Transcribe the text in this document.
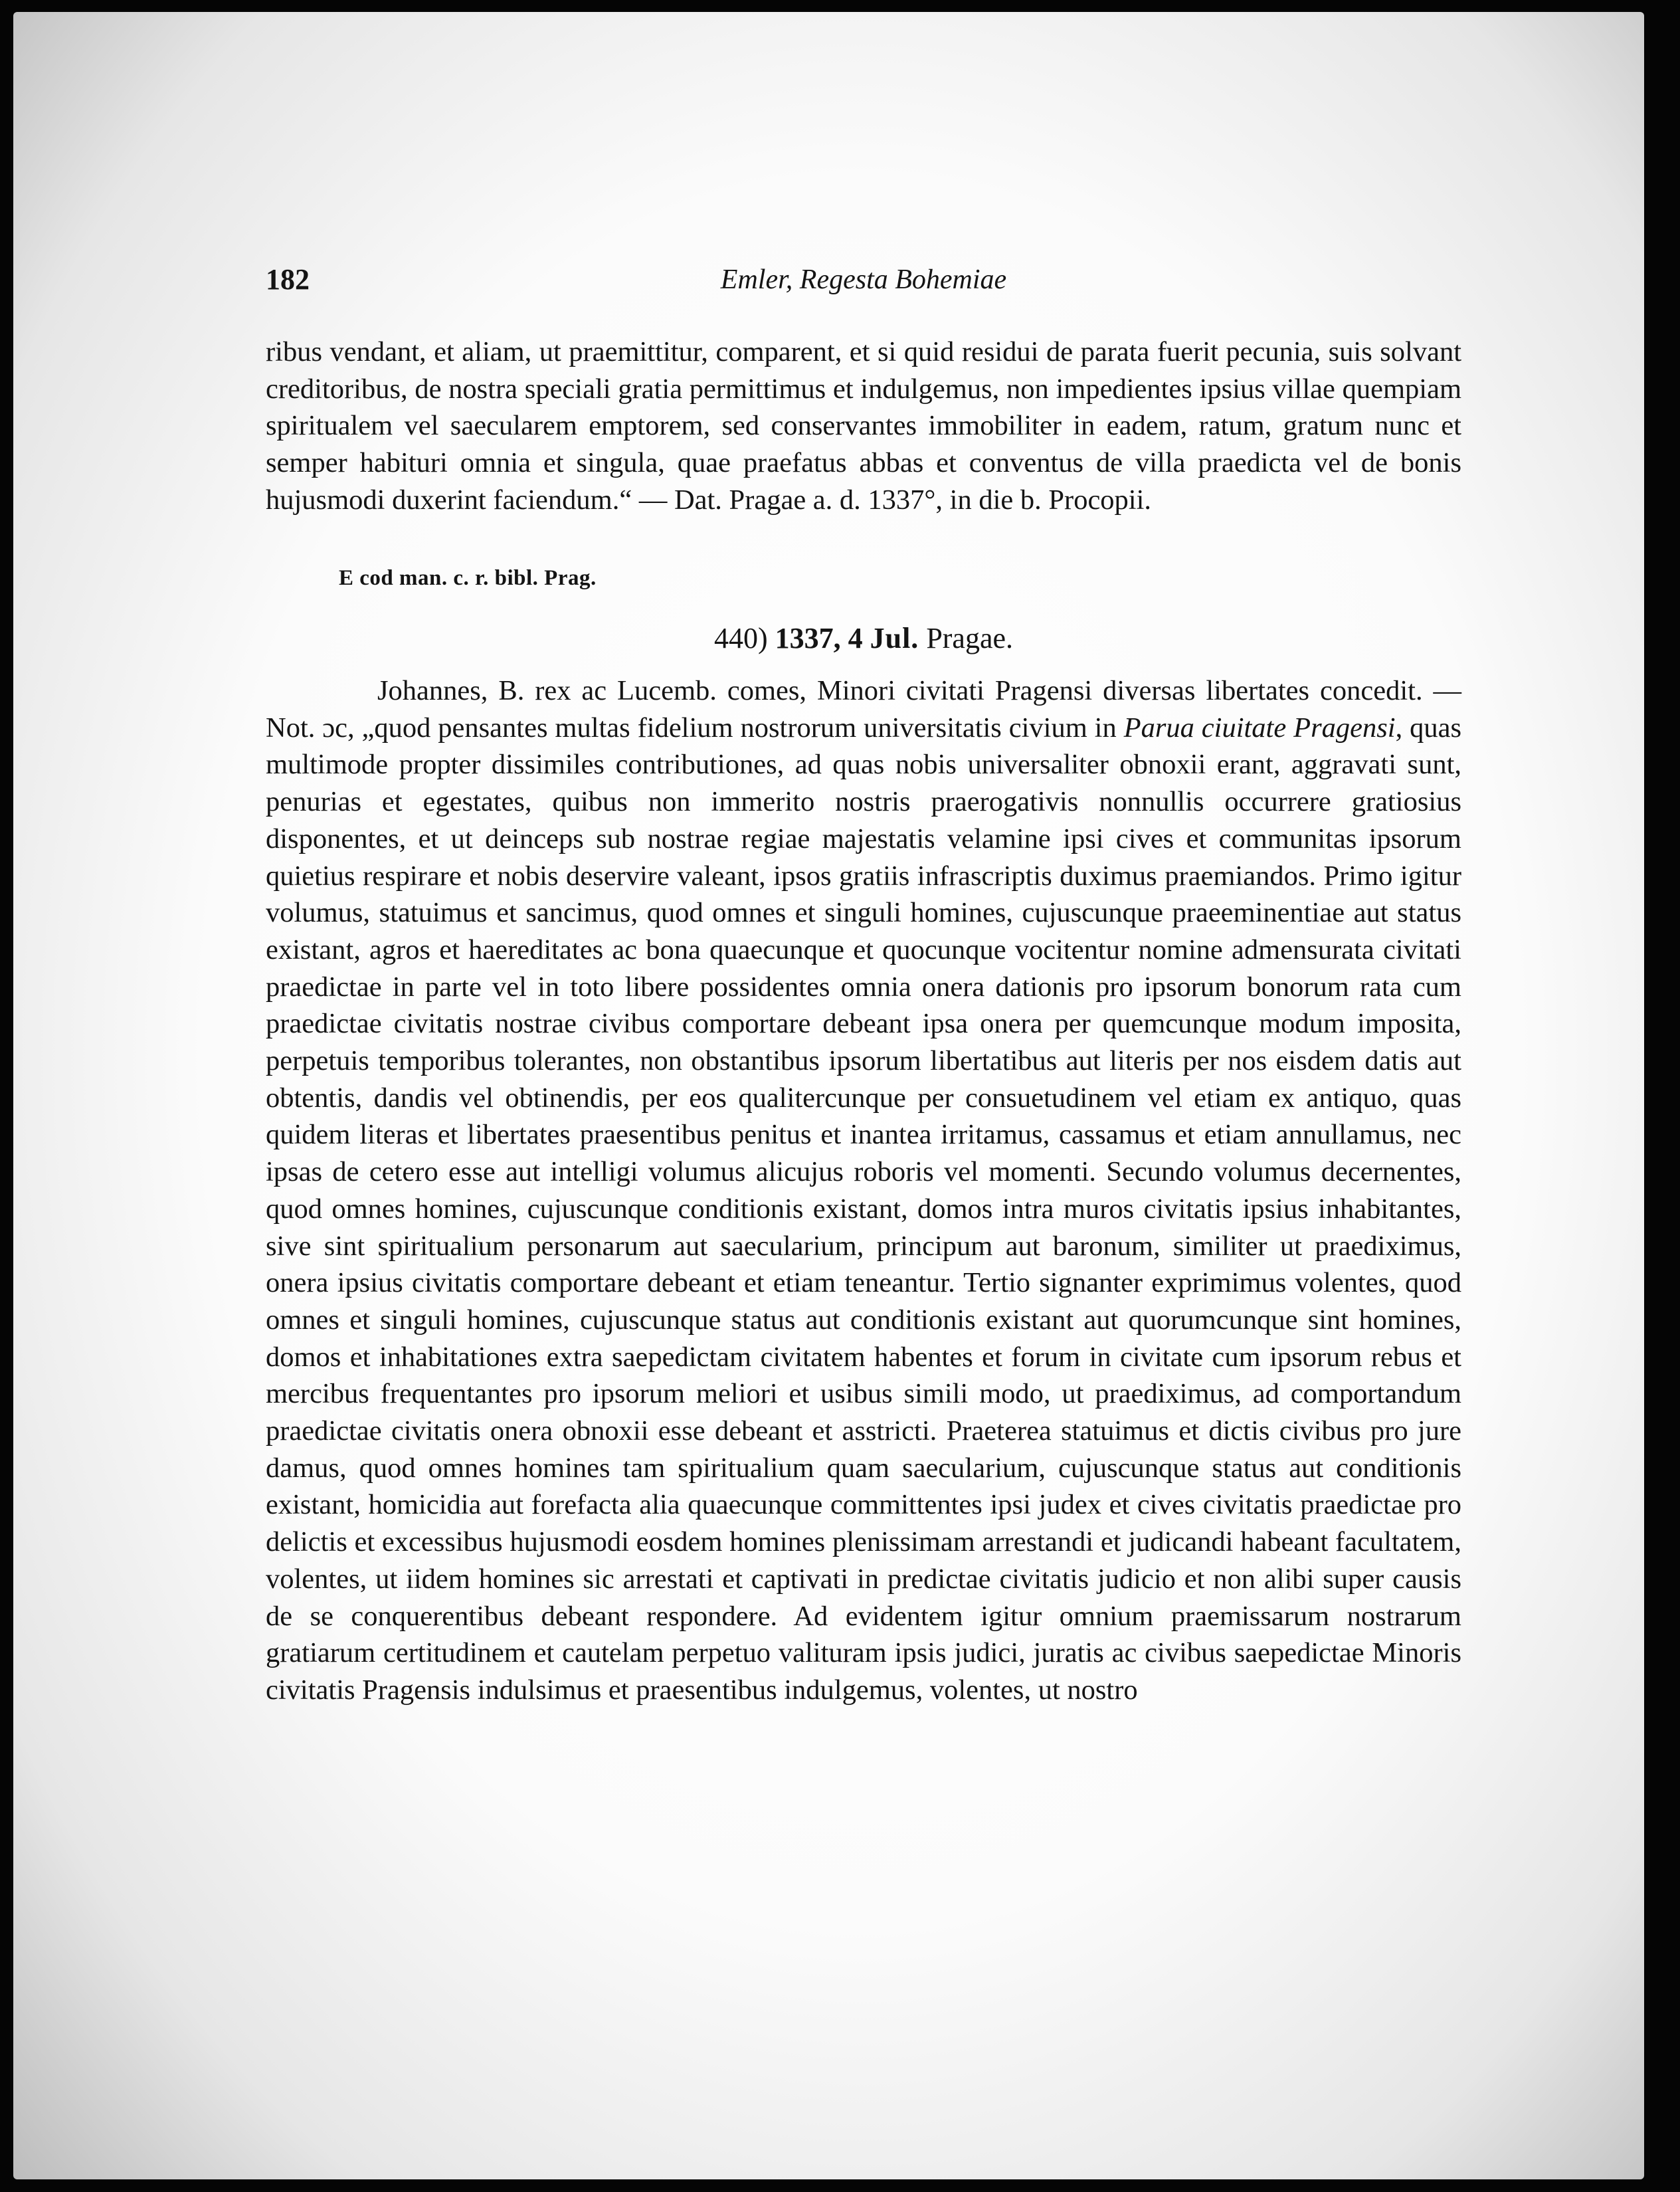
182	Emler, Regesta Bohemiae
ribus vendant, et aliam, ut praemittitur, comparent, et si quid residui de parata fuerit pecunia, suis solvant creditoribus, de nostra speciali gratia permittimus et indulgemus, non impedientes ipsius villae quempiam spiritualem vel saecularem emptorem, sed conservantes immobiliter in eadem, ratum, gratum nunc et semper habituri omnia et singula, quae praefatus abbas et conventus de villa praedicta vel de bonis hujusmodi duxerint faciendum.“ — Dat. Pragae a. d. 1337°, in die b. Procopii.
E cod man. c. r. bibl. Prag.
440) 1337, 4 Jul. Pragae.
Johannes, B. rex ac Lucemb. comes, Minori civitati Pragensi diversas libertates concedit. — Not. ɔc, „quod pensantes multas fidelium nostrorum universitatis civium in Parua ciuitate Pragensi, quas multimode propter dissimiles contributiones, ad quas nobis universaliter obnoxii erant, aggravati sunt, penurias et egestates, quibus non immerito nostris praerogativis nonnullis occurrere gratiosius disponentes, et ut deinceps sub nostrae regiae majestatis velamine ipsi cives et communitas ipsorum quietius respirare et nobis deservire valeant, ipsos gratiis infrascriptis duximus praemiandos. Primo igitur volumus, statuimus et sancimus, quod omnes et singuli homines, cujuscunque praeeminentiae aut status existant, agros et haereditates ac bona quaecunque et quocunque vocitentur nomine admensurata civitati praedictae in parte vel in toto libere possidentes omnia onera dationis pro ipsorum bonorum rata cum praedictae civitatis nostrae civibus comportare debeant ipsa onera per quemcunque modum imposita, perpetuis temporibus tolerantes, non obstantibus ipsorum libertatibus aut literis per nos eisdem datis aut obtentis, dandis vel obtinendis, per eos qualitercunque per consuetudinem vel etiam ex antiquo, quas quidem literas et libertates praesentibus penitus et inantea irritamus, cassamus et etiam annullamus, nec ipsas de cetero esse aut intelligi volumus alicujus roboris vel momenti. Secundo volumus decernentes, quod omnes homines, cujuscunque conditionis existant, domos intra muros civitatis ipsius inhabitantes, sive sint spiritualium personarum aut saecularium, principum aut baronum, similiter ut praediximus, onera ipsius civitatis comportare debeant et etiam teneantur. Tertio signanter exprimimus volentes, quod omnes et singuli homines, cujuscunque status aut conditionis existant aut quorumcunque sint homines, domos et inhabitationes extra saepedictam civitatem habentes et forum in civitate cum ipsorum rebus et mercibus frequentantes pro ipsorum meliori et usibus simili modo, ut praediximus, ad comportandum praedictae civitatis onera obnoxii esse debeant et asstricti. Praeterea statuimus et dictis civibus pro jure damus, quod omnes homines tam spiritualium quam saecularium, cujuscunque status aut conditionis existant, homicidia aut forefacta alia quaecunque committentes ipsi judex et cives civitatis praedictae pro delictis et excessibus hujusmodi eosdem homines plenissimam arrestandi et judicandi habeant facultatem, volentes, ut iidem homines sic arrestati et captivati in predictae civitatis judicio et non alibi super causis de se conquerentibus debeant respondere. Ad evidentem igitur omnium praemissarum nostrarum gratiarum certitudinem et cautelam perpetuo valituram ipsis judici, juratis ac civibus saepedictae Minoris civitatis Pragensis indulsimus et praesentibus indulgemus, volentes, ut nostro
